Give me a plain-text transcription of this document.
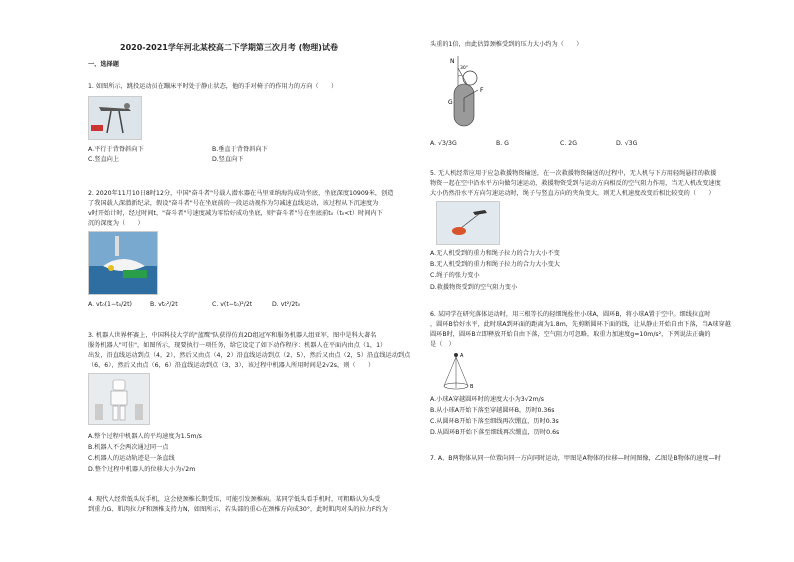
2020-2021学年河北某校高二下学期第三次月考 (物理)试卷
一、选择题
1. 如图所示，跳投运动员在蹦床平时处于静止状态，他的手对椅子的作用力的方向（　　）
A.平行于背脊斜向下	B.垂直于背脊斜向下
C.竖直向上	D.竖直向下
2. 2020年11月10日8时12分，中国"奋斗者"号载人潜水器在马里亚纳海沟成功坐底，坐底深度10909米，创造
了我国载人深潜新纪录，假设"奋斗者"号在坐底前的一段运动视作为匀减速直线运动，该过程从下沉速度为
v时开始计时，经过时间t，"奋斗者"号速度减为零恰好成功坐底，则"奋斗者"号在坐底前t₀（t₀<t）时间内下
沉的深度为（　　）
A. vt₀(1−t₀/2t)	B. vt₀²/2t	C. v(t−t₀)²/2t	D. vt²/2t₀
3. 机器人世界杯赛上，中国科技大学的"蓝鹰"队获得仿真2D组冠军和服务机器人组亚军，图中是科大著名
服务机器人"可佳"，如图所示，现要执行一项任务，给它设定了如下动作程序：机器人在平面内由点（1，1）
出发，沿直线运动到点（4，2），然后又由点（4，2）沿直线运动到点（2，5），然后又由点（2，5）沿直线运动到点
（6，6），然后又由点（6，6）沿直线运动到点（3，3），该过程中机器人所用时间是2√2s，则（　　）
A.整个过程中机器人的平均速度为1.5m/s
B.机器人不会两次通过同一点
C.机器人的运动轨迹是一条直线
D.整个过程中机器人的位移大小为√2m
4. 现代人经常低头玩手机，这会使颈椎长期受压，可能引发颈椎病。某同学低头看手机时，可粗略认为头受
到重力G、肌肉拉力F和颈椎支持力N，如图所示，若头部的重心在颈椎方向成30°，此时肌肉对头的拉力F约为
头重的1倍，由此估算颈椎受到的压力大小约为（　　）
N
30°
G
F
A. √3/3G	B. G	C. 2G	D. √3G
5. 无人机经常应用于应急救援物资输送，在一次救援物资输送的过程中，无人机与下方用轻绳悬挂的救援
物资一起在空中沿水平方向做匀速运动，救援物资受到与运动方向相反的空气阻力作用，当无人机改变速度
大小仍然沿水平方向匀速运动时，绳子与竖直方向的夹角变大，则无人机速度改变后相比较变的（　　）
A.无人机受到的重力和绳子拉力的合力大小不变
B.无人机受到的重力和绳子拉力的合力大小变大
C.绳子的张力变小
D.救援物资受到的空气阻力变小
6. 某同学在研究落体运动时，用三根等长的轻细绳拴住小球A，圆环B，将小球A置于空中。细线拉直时
，圆环B恰好水平，此时球A到环面的距离为1.8m，先剪断圆环下面的线，让从静止开始自由下落，当A球穿越
圆环B时，圆环B立即释放开始自由下落，空气阻力可忽略，取重力加速度g=10m/s²，下列说法正确的
是（　）
A
B
A.小球A穿越圆环时的速度大小为3√2m/s
B.从小球A开始下落至穿越圆环B，历时0.36s
C.从圆环B开始下落至细线再次绷直，历时0.3s
D.从圆环B开始下落至细线再次绷直，历时0.6s
7. A、B两物体从同一位置向同一方向同时运动，甲图是A物体的位移—时间图像，乙图是B物体的速度—时
